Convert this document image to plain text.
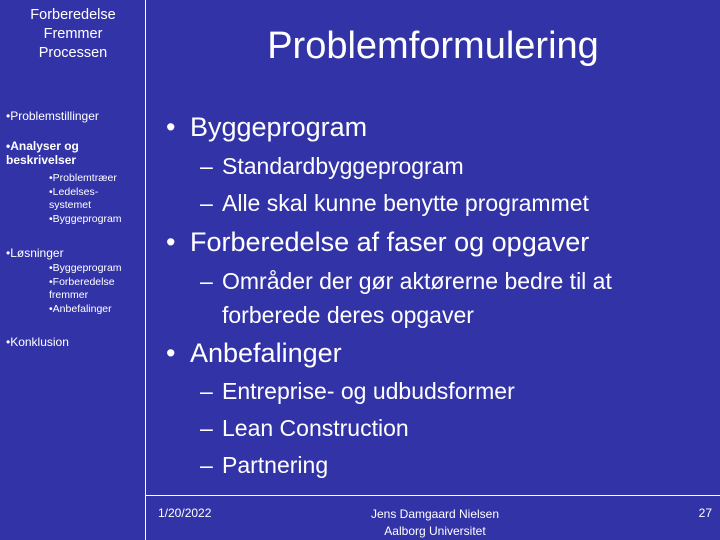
Forberedelse
Fremmer
Processen
•Problemstillinger
•Analyser og
beskrivelser
•Problemtræer
•Ledelses-
systemet
•Byggeprogram
•Løsninger
•Byggeprogram
•Forberedelse
fremmer
•Anbefalinger
•Konklusion
Problemformulering
• Byggeprogram
– Standardbyggeprogram
– Alle skal kunne benytte programmet
• Forberedelse af faser og opgaver
– Områder der gør aktørerne bedre til at
forberede deres opgaver
• Anbefalinger
– Entreprise- og udbudsformer
– Lean Construction
– Partnering
1/20/2022	Jens Damgaard Nielsen
Aalborg Universitet
27
